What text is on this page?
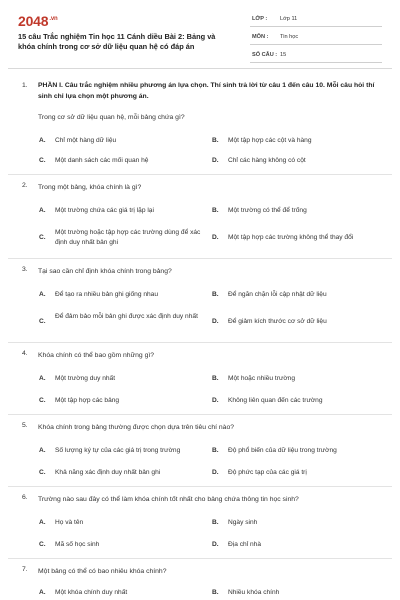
$2048^{.vn}$
15 câu Trắc nghiệm Tin học 11 Cánh diều Bài 2: Bảng và khóa chính trong cơ sở dữ liệu quan hệ có đáp án
LỚP : Lớp 11
MÔN : Tin học
SỐ CÂU : 15
1. PHẦN I. Câu trắc nghiệm nhiều phương án lựa chọn. Thí sinh trả lời từ câu 1 đến câu 10. Mỗi câu hỏi thí sinh chỉ lựa chọn một phương án.
Trong cơ sở dữ liệu quan hệ, mỗi bảng chứa gì?
A. Chỉ một hàng dữ liệu	B. Một tập hợp các cột và hàng
C. Một danh sách các mối quan hệ	D. Chỉ các hàng không có cột
2. Trong một bảng, khóa chính là gì?
A. Một trường chứa các giá trị lặp lại	B. Một trường có thể để trống
C.
Một trường hoặc tập hợp các trường dùng để xác định duy nhất bản ghi
D. Một tập hợp các trường không thể thay đổi
3. Tại sao cần chỉ định khóa chính trong bảng?
A. Để tạo ra nhiều bản ghi giống nhau	B. Để ngăn chặn lỗi cập nhật dữ liệu
C.
Để đảm bảo mỗi bản ghi được xác định duy nhất
D. Để giảm kích thước cơ sở dữ liệu
4. Khóa chính có thể bao gồm những gì?
A. Một trường duy nhất	B. Một hoặc nhiều trường
C. Một tập hợp các bảng	D. Không liên quan đến các trường
5. Khóa chính trong bảng thường được chọn dựa trên tiêu chí nào?
A. Số lượng ký tự của các giá trị trong trường	B. Độ phổ biến của dữ liệu trong trường
C. Khả năng xác định duy nhất bản ghi	D. Độ phức tạp của các giá trị
6. Trường nào sau đây có thể làm khóa chính tốt nhất cho bảng chứa thông tin học sinh?
A. Họ và tên	B. Ngày sinh
C. Mã số học sinh	D. Địa chỉ nhà
7. Một bảng có thể có bao nhiêu khóa chính?
A. Một khóa chính duy nhất	B. Nhiều khóa chính
